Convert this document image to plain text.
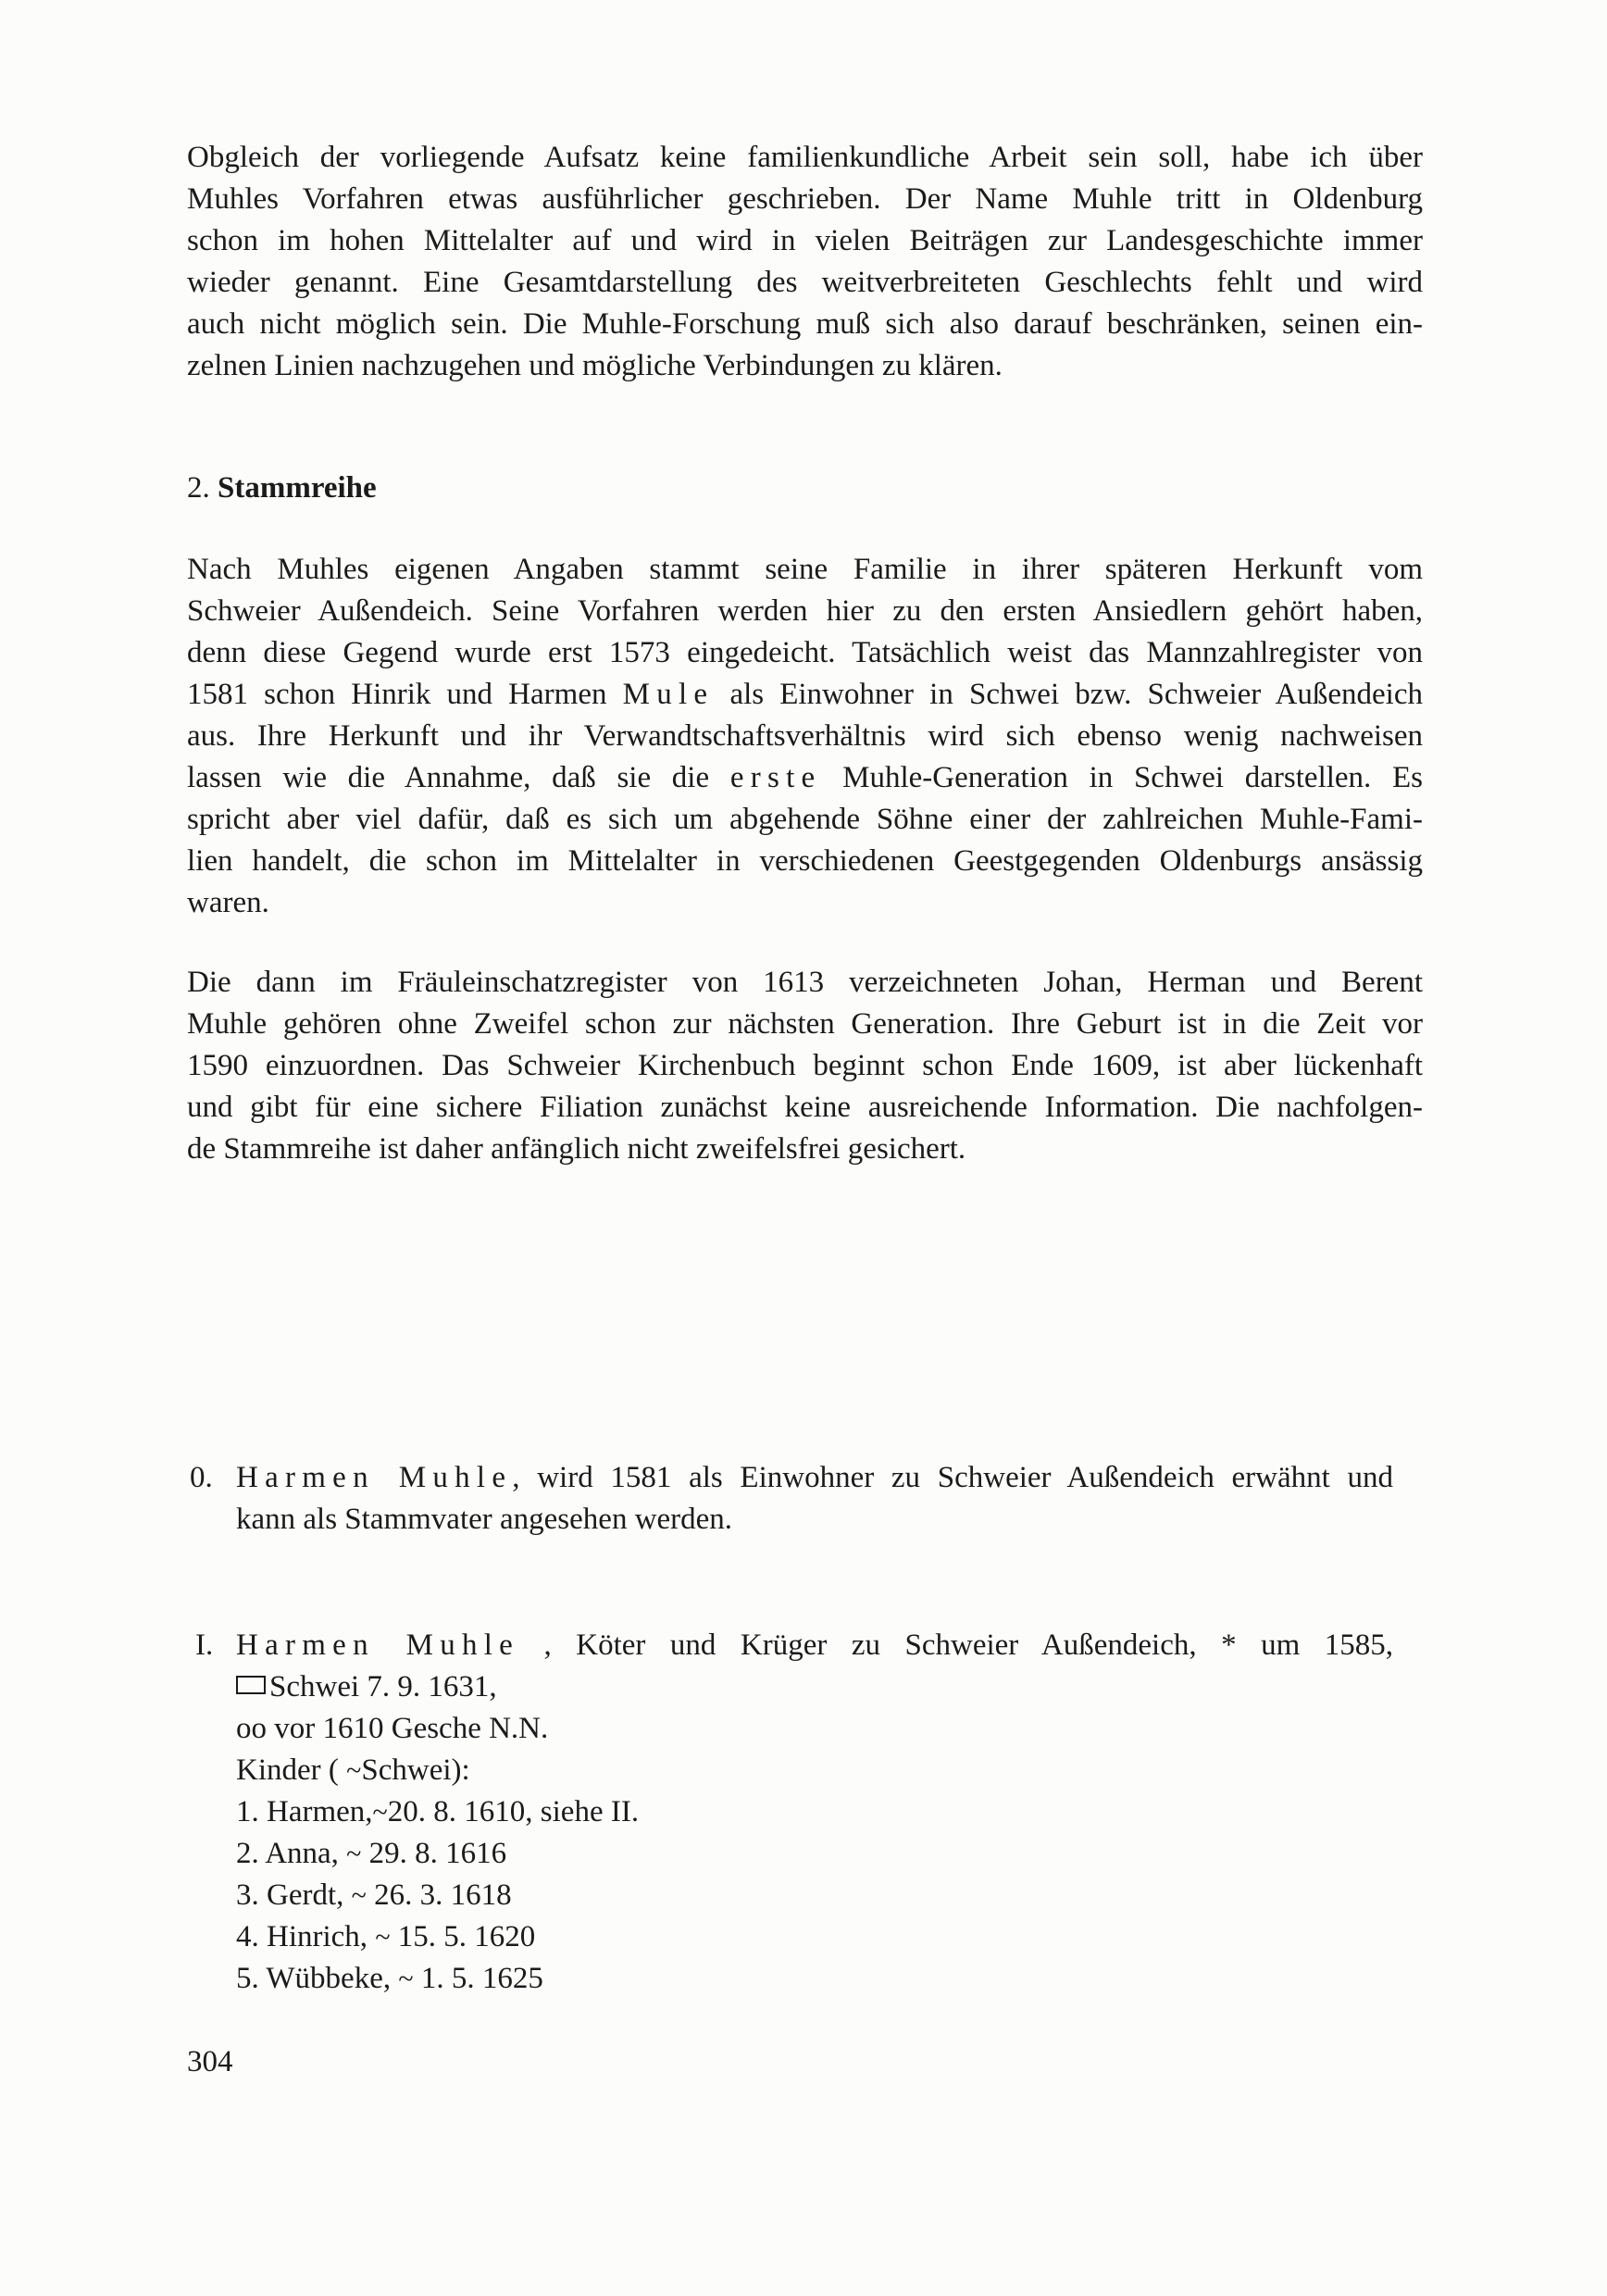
Obgleich der vorliegende Aufsatz keine familienkundliche Arbeit sein soll, habe ich über
Muhles Vorfahren etwas ausführlicher geschrieben. Der Name Muhle tritt in Oldenburg
schon im hohen Mittelalter auf und wird in vielen Beiträgen zur Landesgeschichte immer
wieder genannt. Eine Gesamtdarstellung des weitverbreiteten Geschlechts fehlt und wird
auch nicht möglich sein. Die Muhle-Forschung muß sich also darauf beschränken, seinen ein-
zelnen Linien nachzugehen und mögliche Verbindungen zu klären.
2. Stammreihe
Nach Muhles eigenen Angaben stammt seine Familie in ihrer späteren Herkunft vom
Schweier Außendeich. Seine Vorfahren werden hier zu den ersten Ansiedlern gehört haben,
denn diese Gegend wurde erst 1573 eingedeicht. Tatsächlich weist das Mannzahlregister von
1581 schon Hinrik und Harmen Mule als Einwohner in Schwei bzw. Schweier Außendeich
aus. Ihre Herkunft und ihr Verwandtschaftsverhältnis wird sich ebenso wenig nachweisen
lassen wie die Annahme, daß sie die erste Muhle-Generation in Schwei darstellen. Es
spricht aber viel dafür, daß es sich um abgehende Söhne einer der zahlreichen Muhle-Fami-
lien handelt, die schon im Mittelalter in verschiedenen Geestgegenden Oldenburgs ansässig
waren.
Die dann im Fräuleinschatzregister von 1613 verzeichneten Johan, Herman und Berent
Muhle gehören ohne Zweifel schon zur nächsten Generation. Ihre Geburt ist in die Zeit vor
1590 einzuordnen. Das Schweier Kirchenbuch beginnt schon Ende 1609, ist aber lückenhaft
und gibt für eine sichere Filiation zunächst keine ausreichende Information. Die nachfolgen-
de Stammreihe ist daher anfänglich nicht zweifelsfrei gesichert.
0. Harmen Muhle, wird 1581 als Einwohner zu Schweier Außendeich erwähnt und
kann als Stammvater angesehen werden.
I. Harmen Muhle , Köter und Krüger zu Schweier Außendeich, * um 1585,
Schwei 7. 9. 1631,
oo vor 1610 Gesche N.N.
Kinder ( ~Schwei):
1. Harmen,~20. 8. 1610, siehe II.
2. Anna, ~ 29. 8. 1616
3. Gerdt, ~ 26. 3. 1618
4. Hinrich, ~ 15. 5. 1620
5. Wübbeke, ~ 1. 5. 1625
304
